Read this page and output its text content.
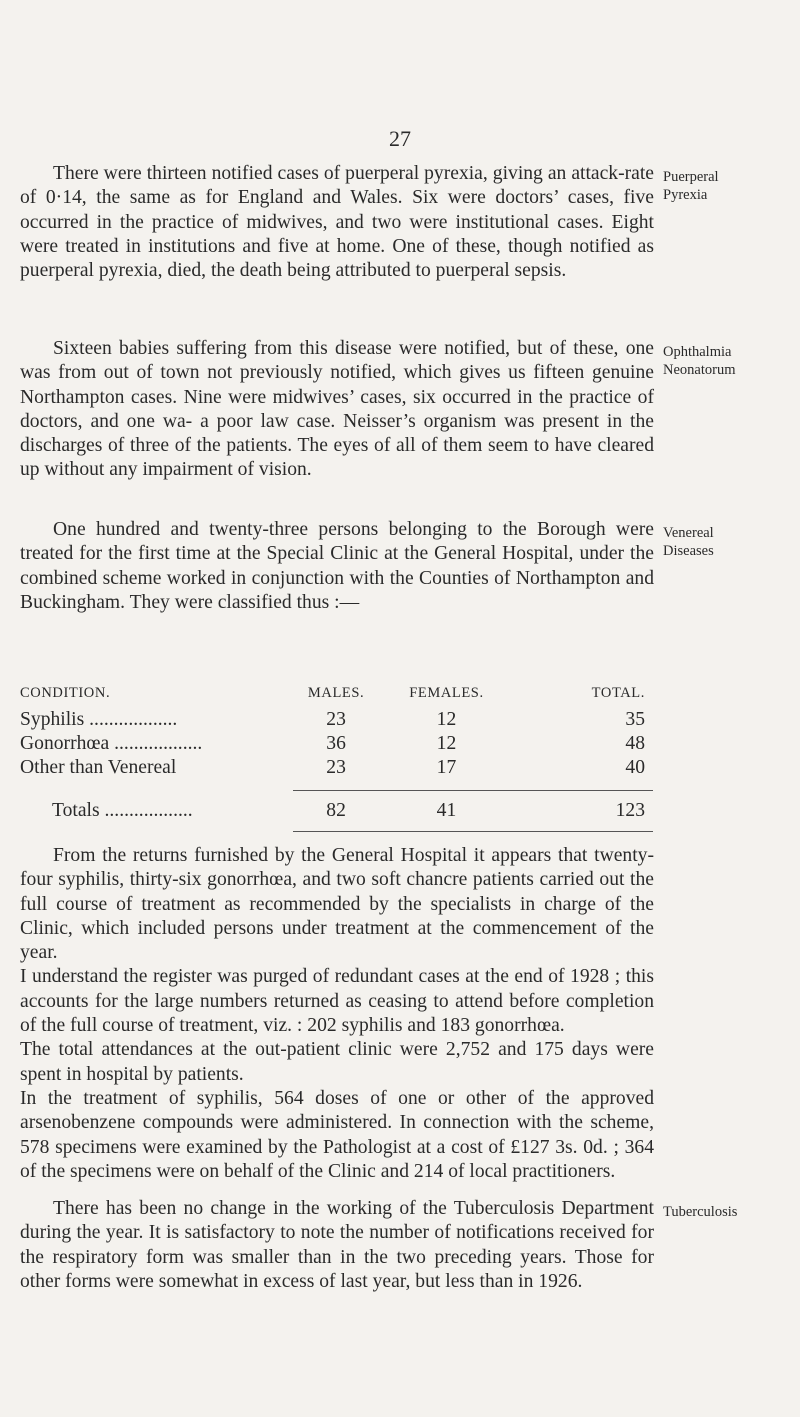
27

There were thirteen notified cases of puerperal pyrexia, giving an attack-rate of 0·14, the same as for England and Wales. Six were doctors’ cases, five occurred in the practice of midwives, and two were institutional cases. Eight were treated in institutions and five at home. One of these, though notified as puerperal pyrexia, died, the death being attributed to puerperal sepsis.

Puerperal
Pyrexia

Sixteen babies suffering from this disease were notified, but of these, one was from out of town not previously notified, which gives us fifteen genuine Northampton cases. Nine were midwives’ cases, six occurred in the practice of doctors, and one wa‑ a poor law case. Neisser’s organism was present in the discharges of three of the patients. The eyes of all of them seem to have cleared up without any impairment of vision.

Ophthalmia
Neonatorum

One hundred and twenty-three persons belonging to the Borough were treated for the first time at the Special Clinic at the General Hospital, under the combined scheme worked in conjunction with the Counties of Northampton and Buckingham. They were classified thus :—

Venereal
Diseases
CONDITION.	MALES.	FEMALES.	TOTAL.
Syphilis ..................	23	12	35
Gonorrhœa ..................	36	12	48
Other than Venereal	23	17	40

Totals ..................	82	41	123

From the returns furnished by the General Hospital it appears that twenty-four syphilis, thirty-six gonorrhœa, and two soft chancre patients carried out the full course of treatment as recommended by the specialists in charge of the Clinic, which included persons under treatment at the commencement of the year.

I understand the register was purged of redundant cases at the end of 1928 ; this accounts for the large numbers returned as ceasing to attend before completion of the full course of treatment, viz. : 202 syphilis and 183 gonorrhœa.

The total attendances at the out-patient clinic were 2,752 and 175 days were spent in hospital by patients.

In the treatment of syphilis, 564 doses of one or other of the approved arsenobenzene compounds were administered. In connection with the scheme, 578 specimens were examined by the Pathologist at a cost of £127 3s. 0d. ; 364 of the specimens were on behalf of the Clinic and 214 of local practitioners.

There has been no change in the working of the Tuberculosis Department during the year. It is satisfactory to note the number of notifications received for the respiratory form was smaller than in the two preceding years. Those for other forms were somewhat in excess of last year, but less than in 1926.

Tuberculosis
